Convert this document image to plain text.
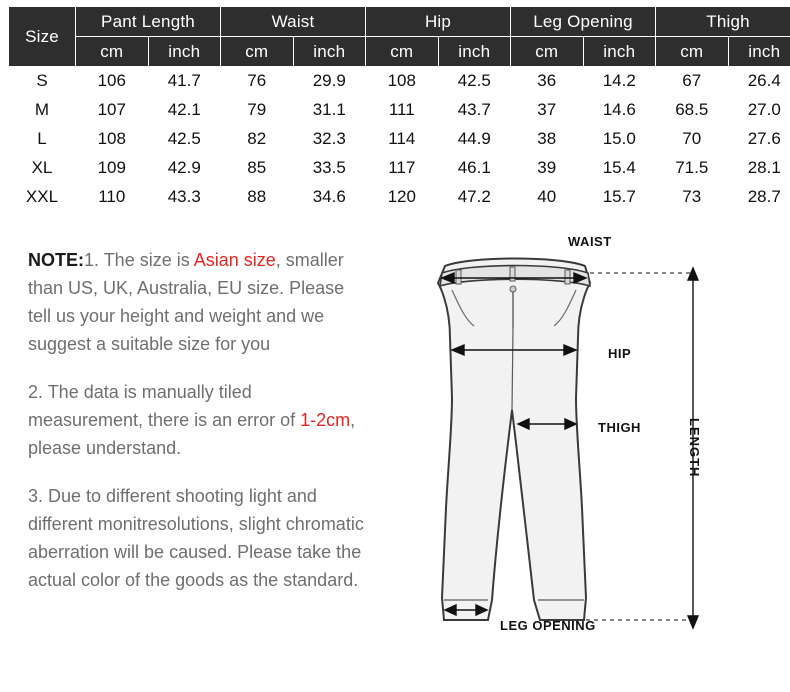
Size	Pant Length		Waist		Hip		Leg Opening		Thigh	
	cm	inch	cm	inch	cm	inch	cm	inch	cm	inch
S	106	41.7	76	29.9	108	42.5	36	14.2	67	26.4
M	107	42.1	79	31.1	111	43.7	37	14.6	68.5	27.0
L	108	42.5	82	32.3	114	44.9	38	15.0	70	27.6
XL	109	42.9	85	33.5	117	46.1	39	15.4	71.5	28.1
XXL	110	43.3	88	34.6	120	47.2	40	15.7	73	28.7

NOTE:1. The size is Asian size, smaller than US, UK, Australia, EU size. Please tell us your height and weight and we suggest a suitable size for you

2. The data is manually tiled measurement, there is an error of 1-2cm, please understand.

3. Due to different shooting light and different monitresolutions, slight chromatic aberration will be caused. Please take the actual color of the goods as the standard.

WAIST
HIP
THIGH	LENGTH
LEG OPENING
